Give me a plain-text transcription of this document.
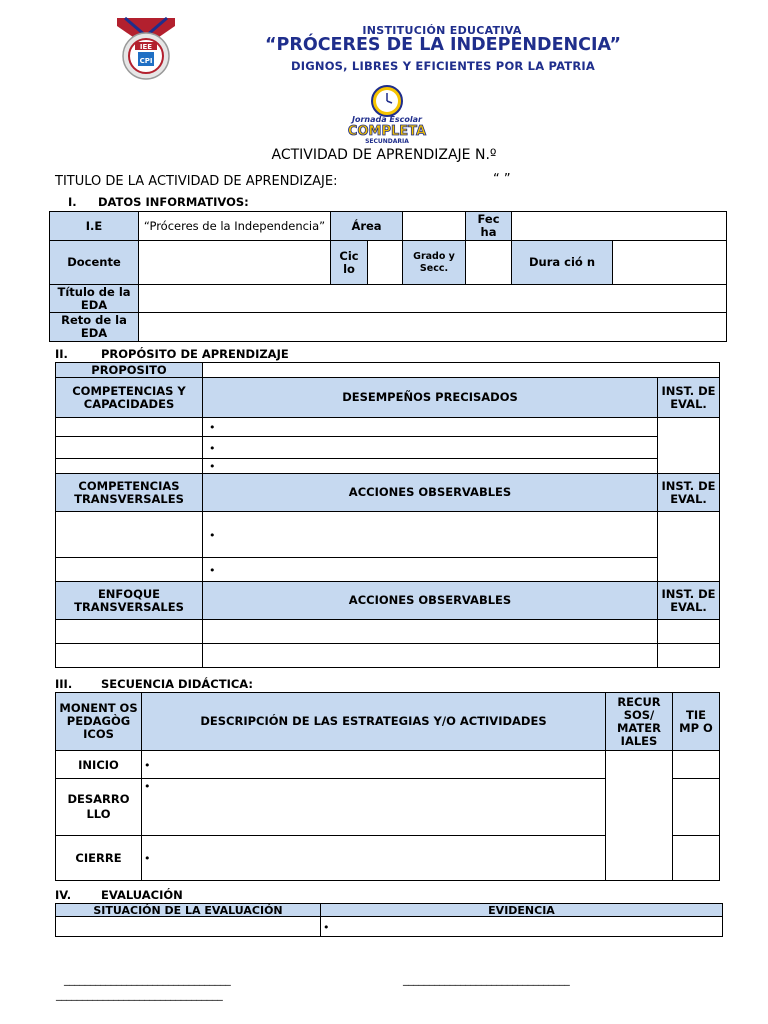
IEE
CPI
INSTITUCIÓN EDUCATIVA
“PRÓCERES DE LA INDEPENDENCIA”
DIGNOS, LIBRES Y EFICIENTES POR LA PATRIA
Jornada Escolar
COMPLETA
SECUNDARIA
ACTIVIDAD DE APRENDIZAJE N.º
TITULO DE LA ACTIVIDAD DE APRENDIZAJE:	“ ”
I. DATOS INFORMATIVOS:
I.E	“Próceres de la Independencia”	Área			Fec ha		
Docente		Cic lo		Grado y Secc.		Dura ció n	
Título de la EDA							
Reto de la EDA							
II.	PROPÓSITO DE APRENDIZAJE
PROPOSITO		
COMPETENCIAS Y CAPACIDADES	DESEMPEÑOS PRECISADOS	INST. DE EVAL.
	•	
	•
	•
COMPETENCIAS TRANSVERSALES	ACCIONES OBSERVABLES	INST. DE EVAL.
	•	
	•
ENFOQUE TRANSVERSALES	ACCIONES OBSERVABLES	INST. DE EVAL.

III.	SECUENCIA DIDÁCTICA:
MONENT OS PEDAGÒG ICOS	DESCRIPCIÓN DE LAS ESTRATEGIAS Y/O ACTIVIDADES	RECUR SOS/ MATER IALES	TIE MP O
INICIO	•		
DESARRO LLO	•	
CIERRE	•	
IV.	EVALUACIÓN
SITUACIÓN DE LA EVALUACIÓN	EVIDENCIA
	•
________________________________	________________________________
________________________________
